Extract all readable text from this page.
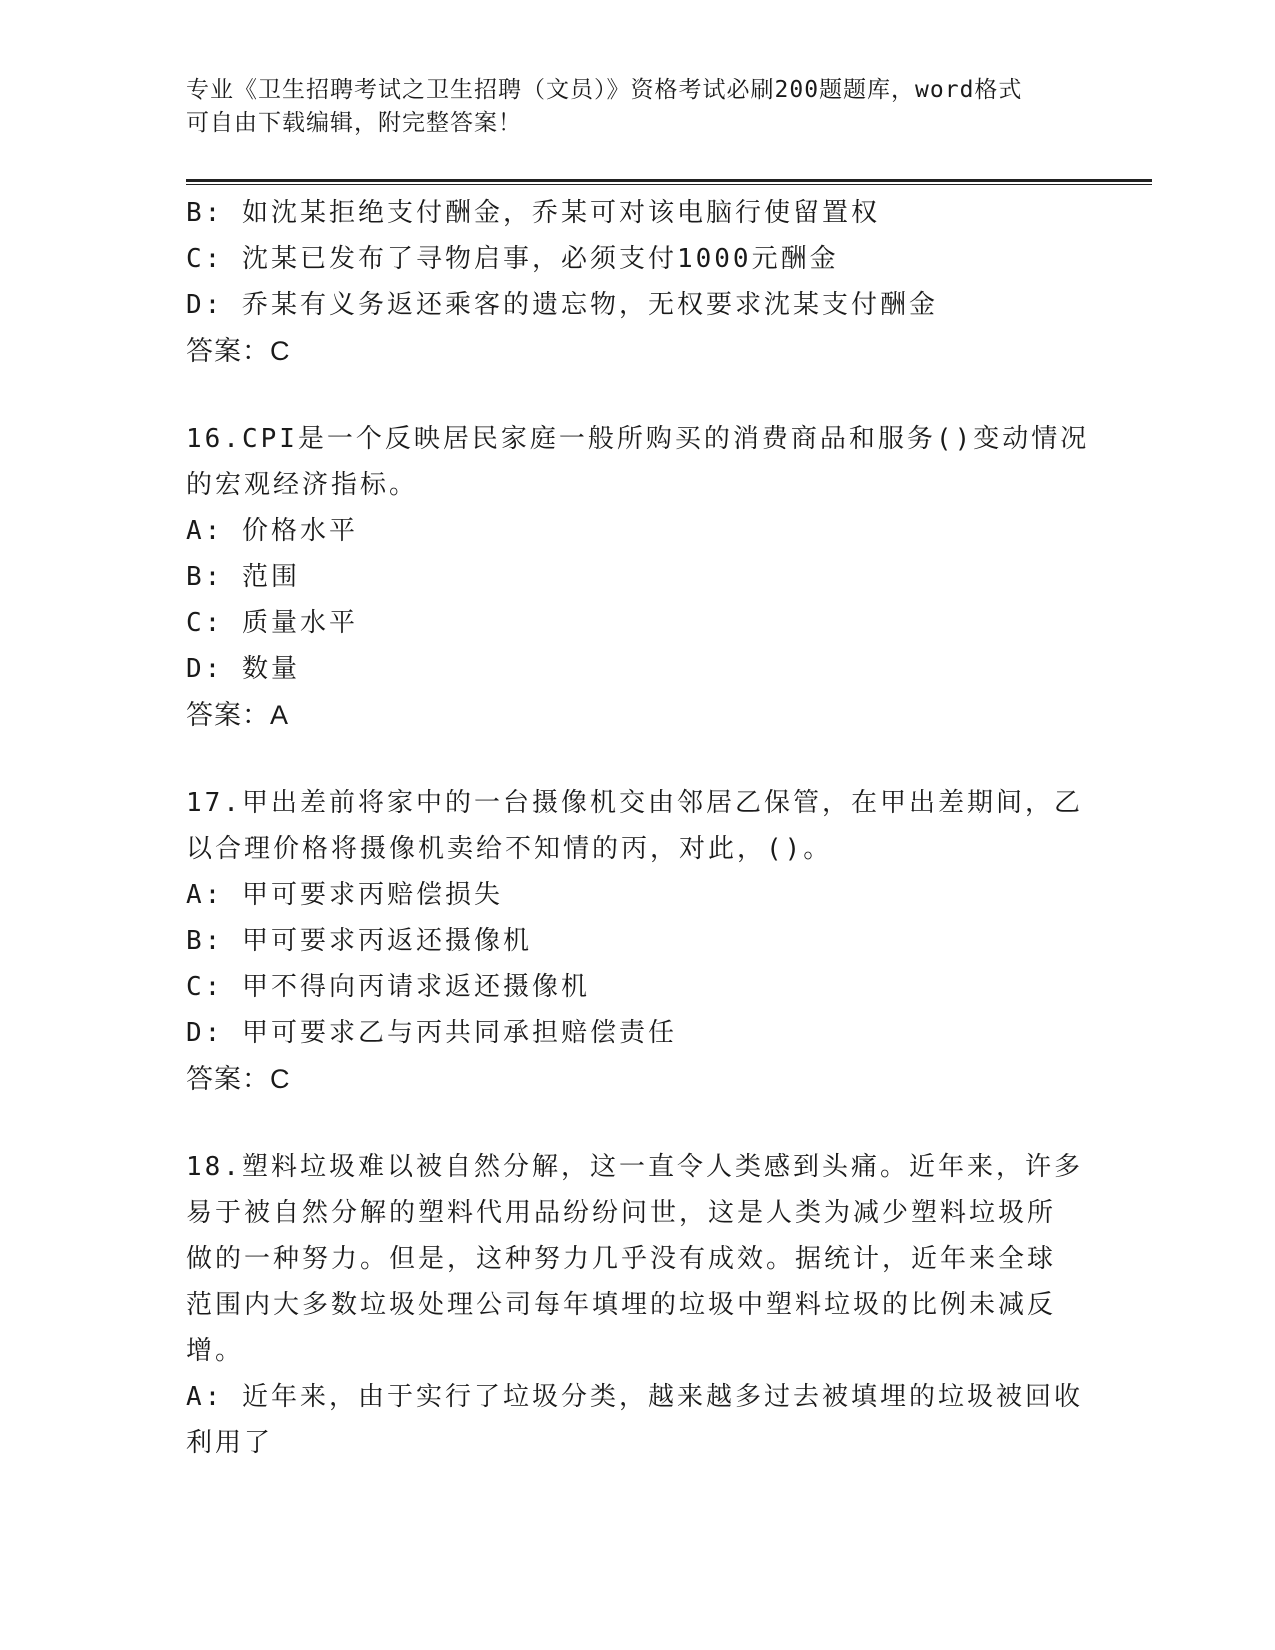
专业《卫生招聘考试之卫生招聘（文员）》资格考试必刷200题题库，word格式
可自由下载编辑，附完整答案！
B: 如沈某拒绝支付酬金，乔某可对该电脑行使留置权
C: 沈某已发布了寻物启事，必须支付1000元酬金
D: 乔某有义务返还乘客的遗忘物，无权要求沈某支付酬金
答案：C
16.CPI是一个反映居民家庭一般所购买的消费商品和服务()变动情况
的宏观经济指标。
A: 价格水平
B: 范围
C: 质量水平
D: 数量
答案：A
17.甲出差前将家中的一台摄像机交由邻居乙保管，在甲出差期间，乙
以合理价格将摄像机卖给不知情的丙，对此，()。
A: 甲可要求丙赔偿损失
B: 甲可要求丙返还摄像机
C: 甲不得向丙请求返还摄像机
D: 甲可要求乙与丙共同承担赔偿责任
答案：C
18.塑料垃圾难以被自然分解，这一直令人类感到头痛。近年来，许多
易于被自然分解的塑料代用品纷纷问世，这是人类为减少塑料垃圾所
做的一种努力。但是，这种努力几乎没有成效。据统计，近年来全球
范围内大多数垃圾处理公司每年填埋的垃圾中塑料垃圾的比例未减反
增。
A: 近年来，由于实行了垃圾分类，越来越多过去被填埋的垃圾被回收
利用了
